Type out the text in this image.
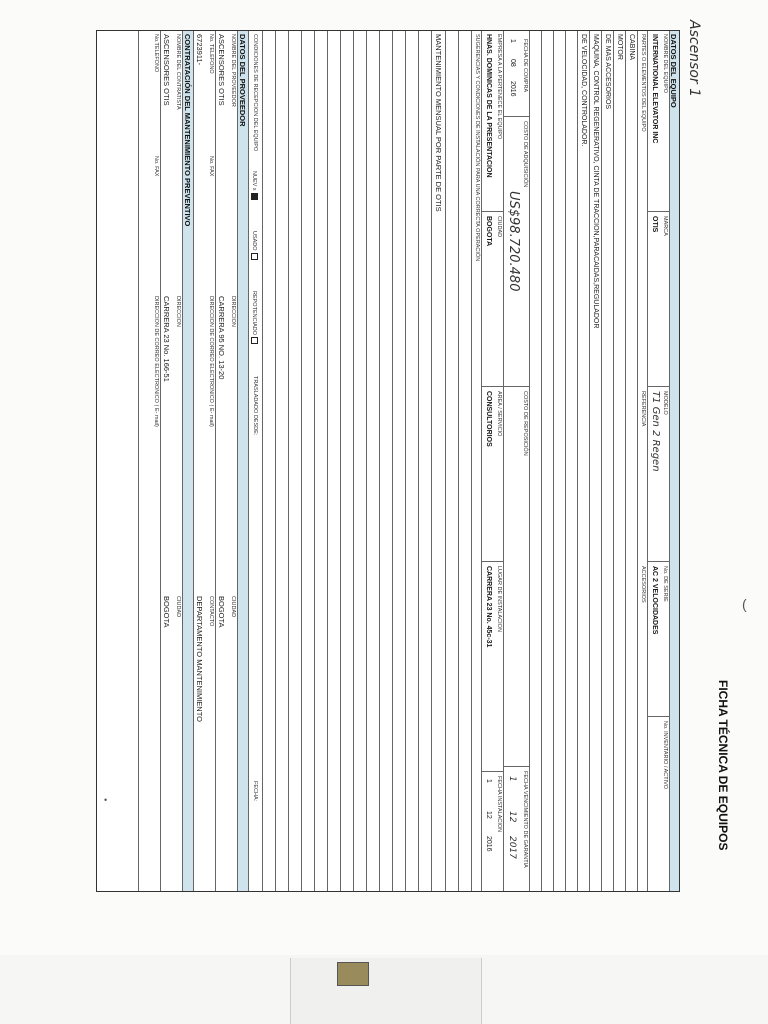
FICHA TÉCNICA DE EQUIPOS
Ascensor 1
DATOS DEL EQUIPO
NOMBRE DEL EQUIPO
INTERNATIONAL ELEVATOR INC
MARCA
OTIS
MODELO
T1 Gen 2 Regen
No. DE SERIE
AC 2 VELOCIDADES
No. INVENTARIO / ACTIVO
PARTES O ELEMENTOS DEL EQUIPO
REFERENCIA
ACCESORIOS
CABINA
MOTOR
DE MAS ACCESORIOS
MAQUINA, CONTROL REGENERATIVO, CINTA DE TRACCION,PARACAIDAS,REGULADOR
DE VELOCIDAD, CONTROLADOR.
FECHA DE COMPRA
1
08
2016
COSTO DE ADQUISICIÓN
US$98.720.480
COSTO DE REPOSICIÓN
FECHA VENCIMIENTO DE GARANTIA
1
12
2017
EMPRESA A LA PERTENECE EL EQUIPO
HNAS. DOMINICAS DE LA PRESENTACION
CIUDAD
BOGOTA
AREA / SERVICIO
CONSULTORIOS
LUGAR DE INSTALACION
CARRERA 23 No. 45c-31
FECHA INSTALACION
1
12
2016
SUGERENCIAS Y CONDICIONES DE INSTALACIÓN PARA UNA CORRECTA OPERACIÓN
MANTENIMIENTO MENSUAL POR PARTE DE OTIS
CONDICIONES DE RECEPCION DEL EQUIPO
NUEV x
USADO
REPOTENCIADO
TRASLADADO DESDE:
FECHA:
DATOS DEL PROVEEDOR
NOMBRE DEL PROVEEDOR
ASCENSORES OTIS
DIRECCION
CARRERA 95 NO. 13-20
CIUDAD
BOGOTA
No. TELEFONO
6723911-
No. FAX
DIRECCION DE CORREO ELECTRONICO ( E- mail)
CONTACTO
DEPARTAMENTO MANTENIMIENTO
CONTRATACIÓN DEL MANTENIMIENTO PREVENTIVO
NOMBRE DEL CONTRATISTA
ASCENSORES OTIS
DIRECCION
CARRERA 23 No. 166-51
CIUDAD
BOGOTA
No.TELEFONO
No. FAX
DIRECCION DE CORREO ELECTRONICO ( E- mail)
(
•
